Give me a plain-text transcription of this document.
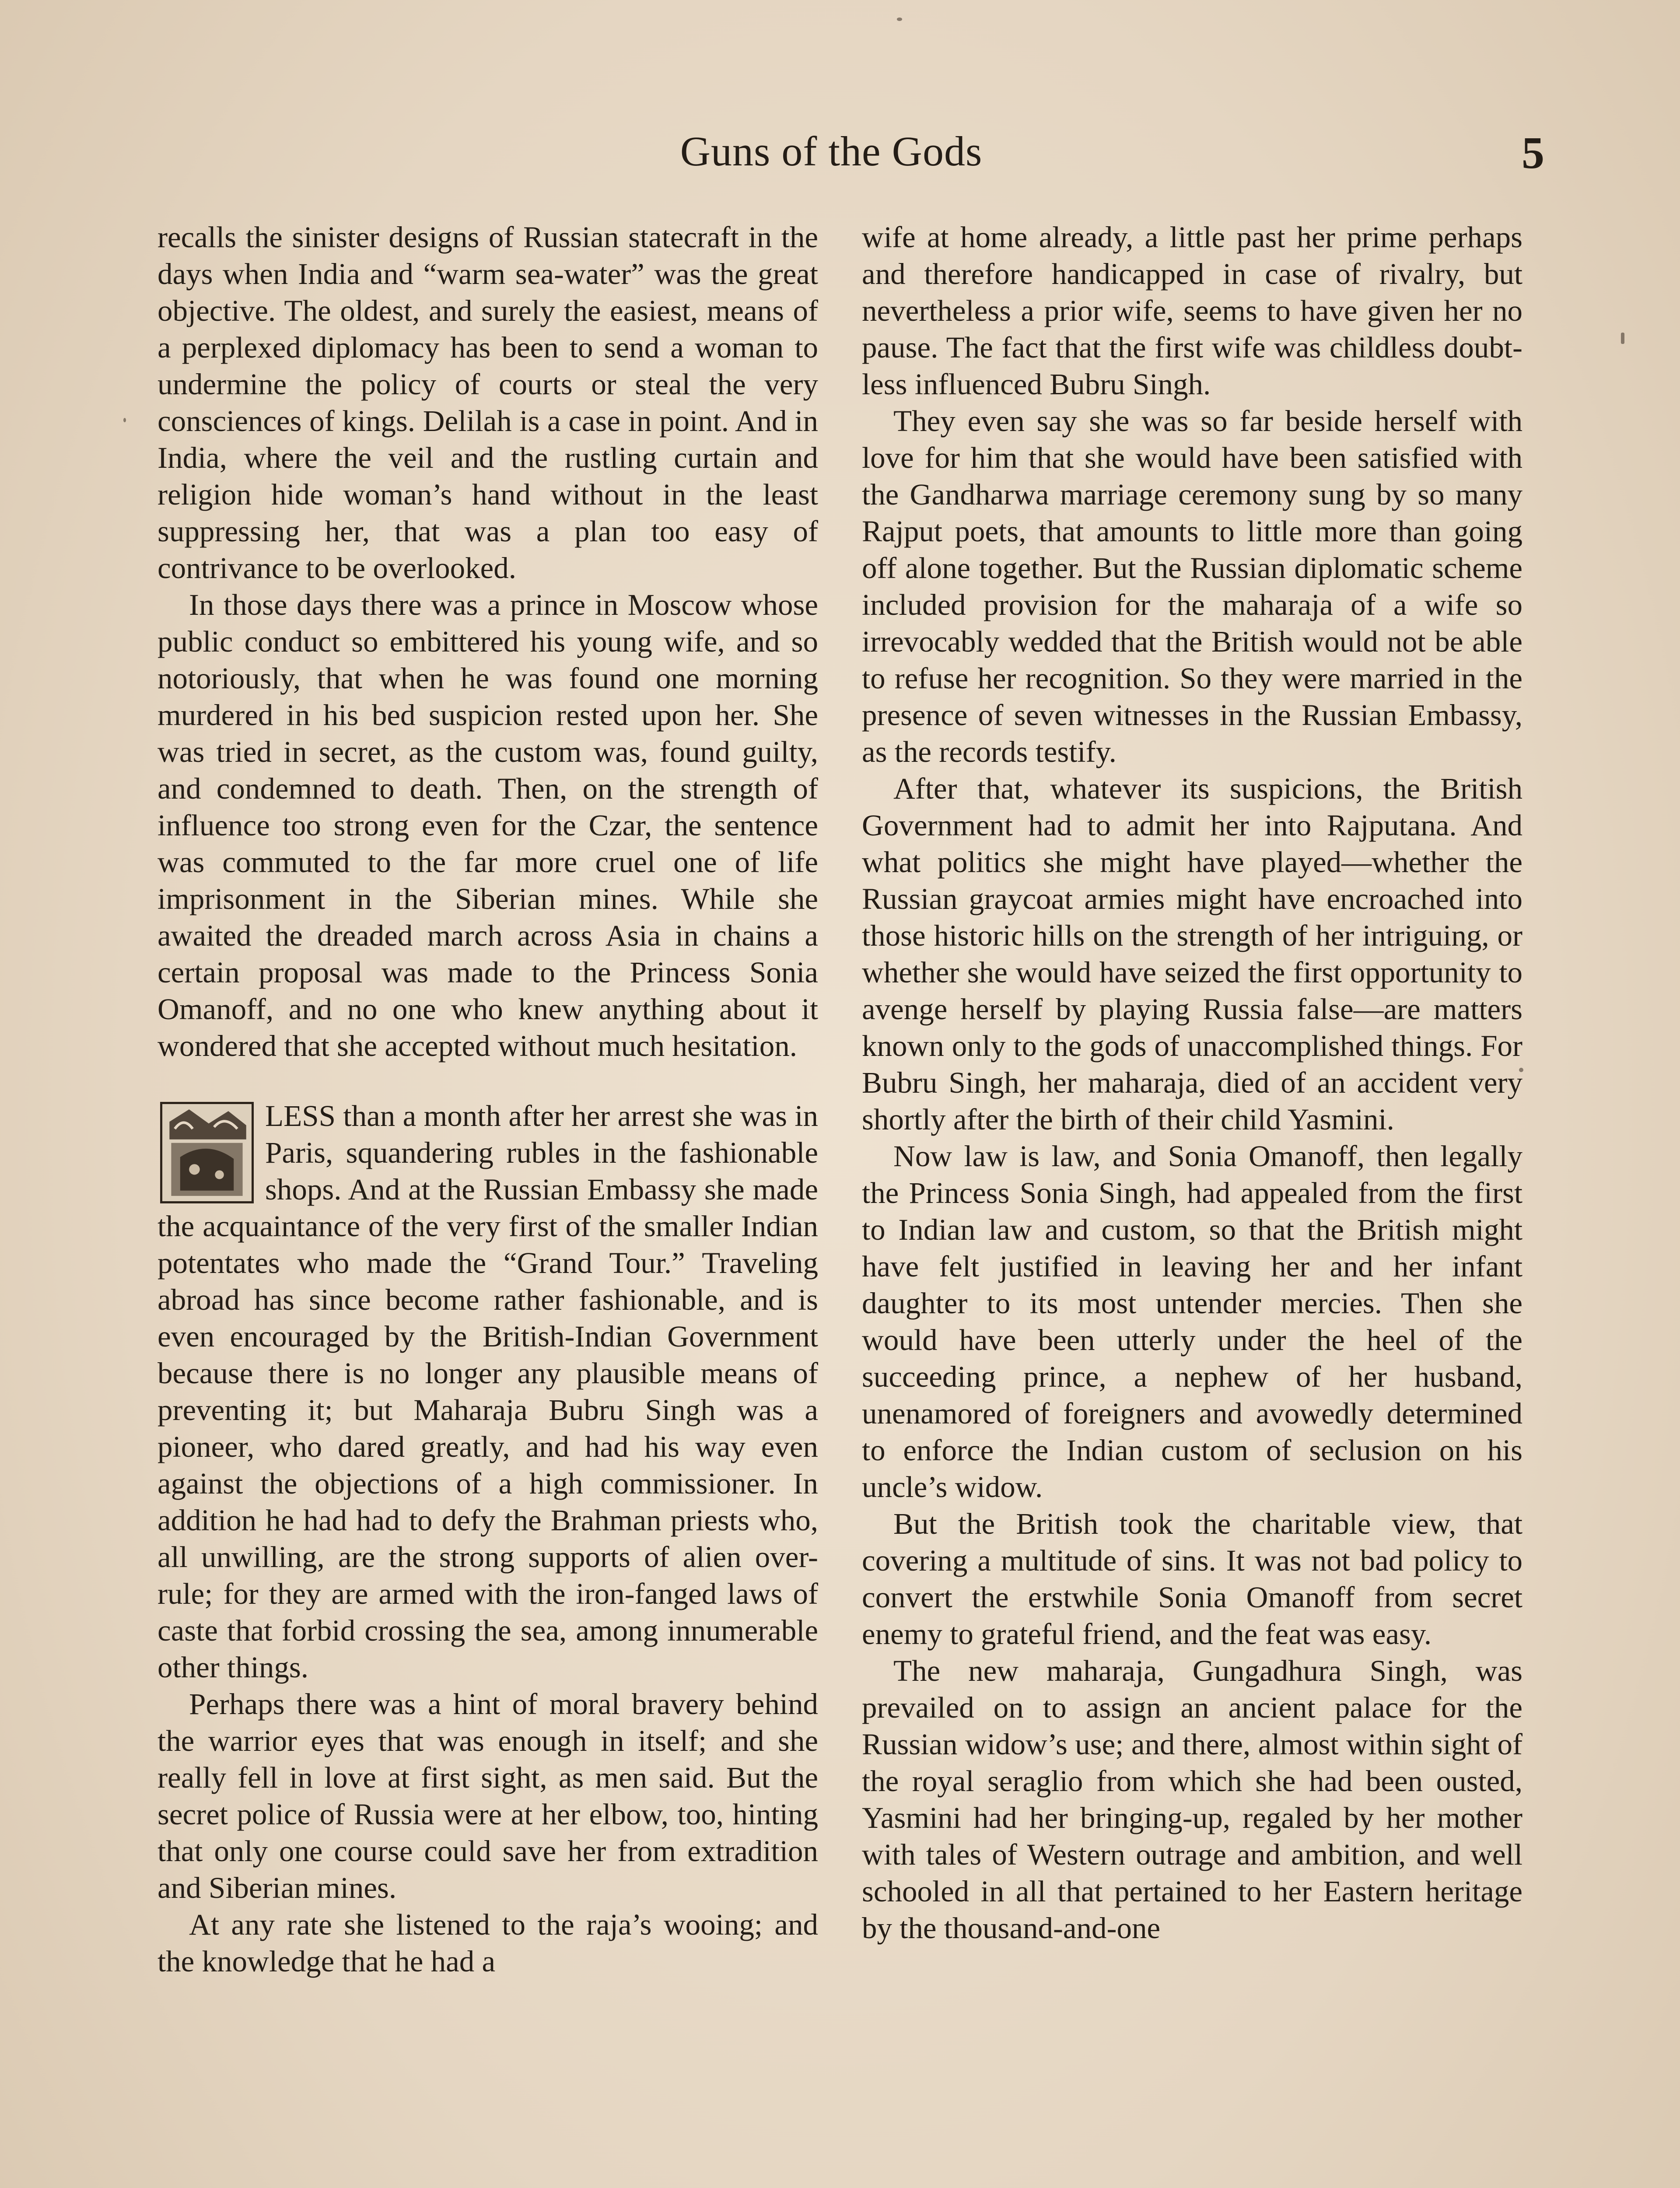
Guns of the Gods	5

recalls the sinister designs of Russian statecraft in the days when India and “warm sea-water” was the great objective. The oldest, and surely the easiest, means of a perplexed diplomacy has been to send a woman to undermine the policy of courts or steal the very consciences of kings. Delilah is a case in point. And in India, where the veil and the rustling curtain and religion hide woman’s hand without in the least suppressing her, that was a plan too easy of contrivance to be overlooked.

In those days there was a prince in Moscow whose public conduct so embittered his young wife, and so notoriously, that when he was found one morning murdered in his bed suspicion rested upon her. She was tried in secret, as the custom was, found guilty, and condemned to death. Then, on the strength of influence too strong even for the Czar, the sentence was commuted to the far more cruel one of life imprisonment in the Siberian mines. While she awaited the dreaded march across Asia in chains a certain proposal was made to the Princess Sonia Omanoff, and no one who knew anything about it wondered that she accepted without much hesitation.

LESS than a month after her arrest she was in Paris, squandering rubles in the fashionable shops. And at the Russian Embassy she made the acquaintance of the very first of the smaller Indian potentates who made the “Grand Tour.” Traveling abroad has since become rather fashionable, and is even encouraged by the British-Indian Government because there is no longer any plausible means of preventing it; but Maharaja Bubru Singh was a pioneer, who dared greatly, and had his way even against the objections of a high commissioner. In addition he had had to defy the Brahman priests who, all unwilling, are the strong supports of alien over-rule; for they are armed with the iron-fanged laws of caste that forbid crossing the sea, among innumerable other things.

Perhaps there was a hint of moral bravery behind the warrior eyes that was enough in itself; and she really fell in love at first sight, as men said. But the secret police of Russia were at her elbow, too, hinting that only one course could save her from extradition and Siberian mines.

At any rate she listened to the raja’s wooing; and the knowledge that he had a

wife at home already, a little past her prime perhaps and therefore handicapped in case of rivalry, but nevertheless a prior wife, seems to have given her no pause. The fact that the first wife was childless doubtless influenced Bubru Singh.

They even say she was so far beside herself with love for him that she would have been satisfied with the Gandharwa marriage ceremony sung by so many Rajput poets, that amounts to little more than going off alone together. But the Russian diplomatic scheme included provision for the maharaja of a wife so irrevocably wedded that the British would not be able to refuse her recognition. So they were married in the presence of seven witnesses in the Russian Embassy, as the records testify.

After that, whatever its suspicions, the British Government had to admit her into Rajputana. And what politics she might have played—whether the Russian graycoat armies might have encroached into those historic hills on the strength of her intriguing, or whether she would have seized the first opportunity to avenge herself by playing Russia false—are matters known only to the gods of unaccomplished things. For Bubru Singh, her maharaja, died of an accident very shortly after the birth of their child Yasmini.

Now law is law, and Sonia Omanoff, then legally the Princess Sonia Singh, had appealed from the first to Indian law and custom, so that the British might have felt justified in leaving her and her infant daughter to its most untender mercies. Then she would have been utterly under the heel of the succeeding prince, a nephew of her husband, unenamored of foreigners and avowedly determined to enforce the Indian custom of seclusion on his uncle’s widow.

But the British took the charitable view, that covering a multitude of sins. It was not bad policy to convert the erstwhile Sonia Omanoff from secret enemy to grateful friend, and the feat was easy.

The new maharaja, Gungadhura Singh, was prevailed on to assign an ancient palace for the Russian widow’s use; and there, almost within sight of the royal seraglio from which she had been ousted, Yasmini had her bringing-up, regaled by her mother with tales of Western outrage and ambition, and well schooled in all that pertained to her Eastern heritage by the thousand-and-one
